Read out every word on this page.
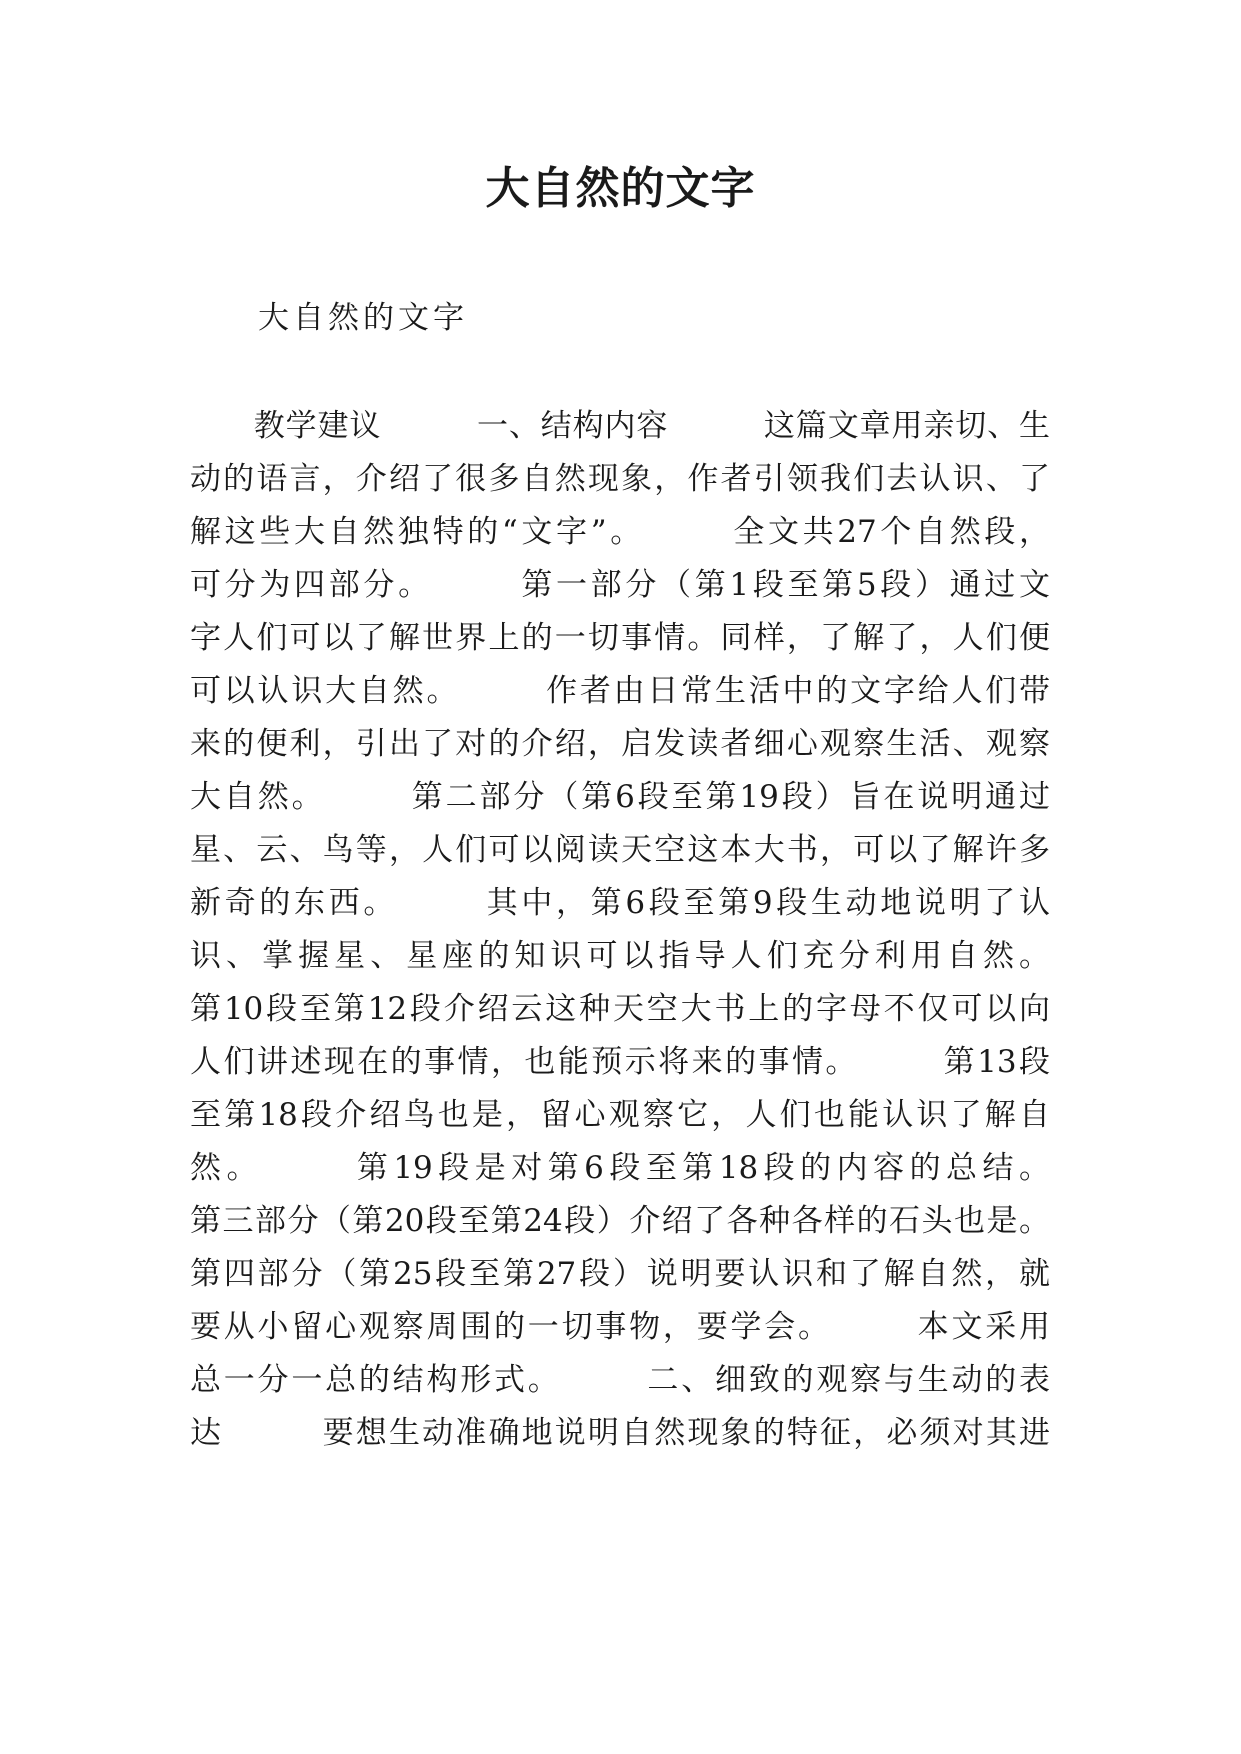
大自然的文字

大自然的文字

　　教学建议　　　一、结构内容　　　这篇文章用亲切、生
动的语言，介绍了很多自然现象，作者引领我们去认识、了
解这些大自然独特的“文字”。　　　全文共27个自然段，
可分为四部分。　　　第一部分（第1段至第5段）通过文
字人们可以了解世界上的一切事情。同样，了解了，人们便
可以认识大自然。　　　作者由日常生活中的文字给人们带
来的便利，引出了对的介绍，启发读者细心观察生活、观察
大自然。　　　第二部分（第6段至第19段）旨在说明通过
星、云、鸟等，人们可以阅读天空这本大书，可以了解许多
新奇的东西。　　　其中，第6段至第9段生动地说明了认
识、掌握星、星座的知识可以指导人们充分利用自然。
第10段至第12段介绍云这种天空大书上的字母不仅可以向
人们讲述现在的事情，也能预示将来的事情。　　　第13段
至第18段介绍鸟也是，留心观察它，人们也能认识了解自
然。　　　第19段是对第6段至第18段的内容的总结。
第三部分（第20段至第24段）介绍了各种各样的石头也是。
第四部分（第25段至第27段）说明要认识和了解自然，就
要从小留心观察周围的一切事物，要学会。　　　本文采用
总一分一总的结构形式。　　　二、细致的观察与生动的表
达　　　要想生动准确地说明自然现象的特征，必须对其进
